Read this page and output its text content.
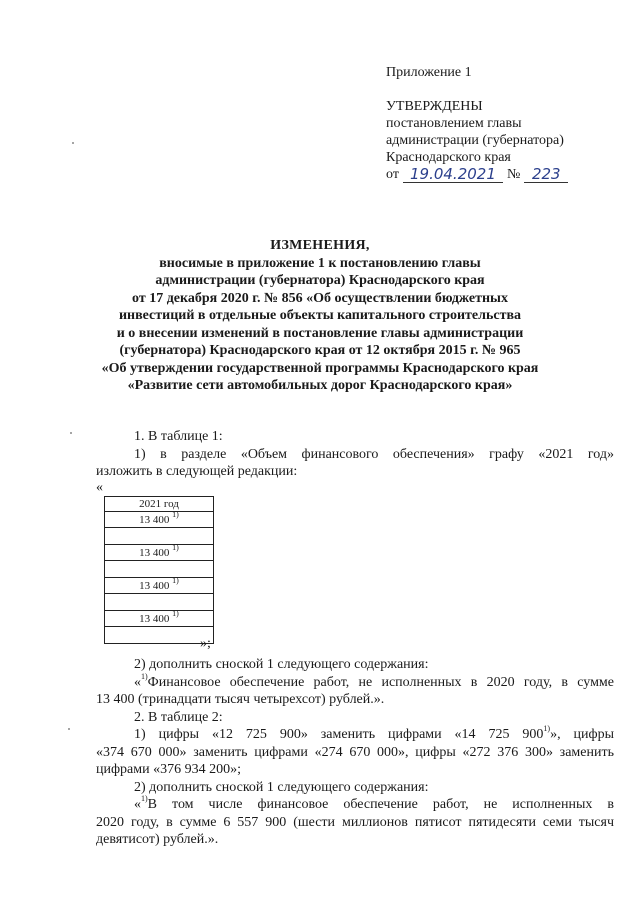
Приложение 1
УТВЕРЖДЕНЫ
постановлением главы
администрации (губернатора)
Краснодарского края
от 19.04.2021 № 223
ИЗМЕНЕНИЯ,
вносимые в приложение 1 к постановлению главы
администрации (губернатора) Краснодарского края
от 17 декабря 2020 г. № 856 «Об осуществлении бюджетных
инвестиций в отдельные объекты капитального строительства
и о внесении изменений в постановление главы администрации
(губернатора) Краснодарского края от 12 октября 2015 г. № 965
«Об утверждении государственной программы Краснодарского края
«Развитие сети автомобильных дорог Краснодарского края»

1. В таблице 1:

1) в разделе «Объем финансового обеспечения» графу «2021 год»

изложить в следующей редакции:

«
2021 год
13 400 $^{1)}$

13 400 $^{1)}$

13 400 $^{1)}$

13 400 $^{1)}$

»;

2) дополнить сноской 1 следующего содержания:

«$^{1)}$Финансовое обеспечение работ, не исполненных в 2020 году, в сумме

13 400 (тринадцати тысяч четырехсот) рублей.».

2. В таблице 2:

1) цифры «12 725 900» заменить цифрами «14 725 900$^{1)}$», цифры

«374 670 000» заменить цифрами «274 670 000», цифры «272 376 300» заменить

цифрами «376 934 200»;

2) дополнить сноской 1 следующего содержания:

«$^{1)}$В том числе финансовое обеспечение работ, не исполненных в

2020 году, в сумме 6 557 900 (шести миллионов пятисот пятидесяти семи тысяч

девятисот) рублей.».
